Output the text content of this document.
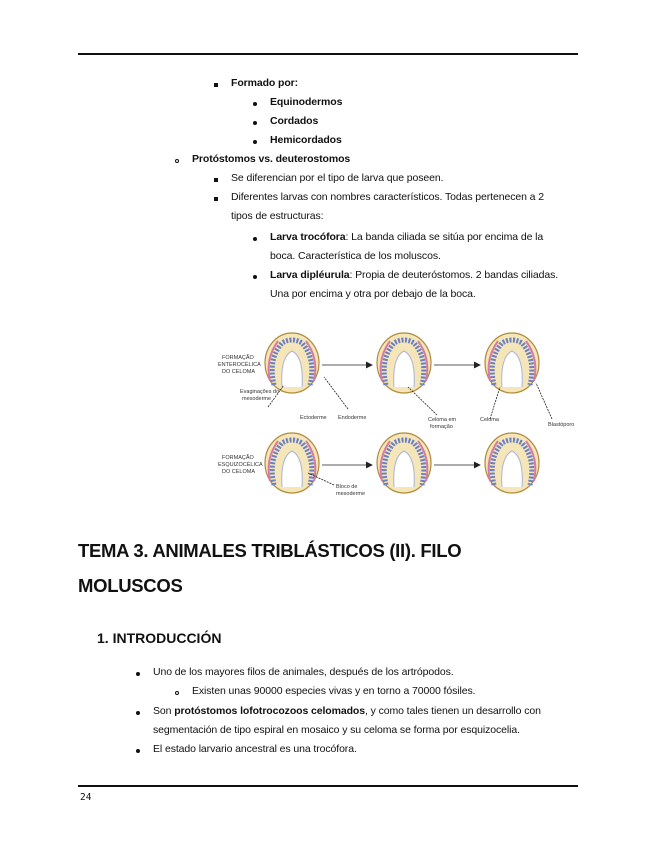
Formado por:
Equinodermos
Cordados
Hemicordados
Protóstomos vs. deuterostomos
Se diferencian por el tipo de larva que poseen.
Diferentes larvas con nombres característicos. Todas pertenecen a 2
tipos de estructuras:
Larva trocófora: La banda ciliada se sitúa por encima de la
boca. Característica de los moluscos.
Larva dipléurula: Propia de deuteróstomos. 2 bandas ciliadas.
Una por encima y otra por debajo de la boca.
FORMAÇÃO
ENTEROCÉLICA
DO CELOMA
Evaginações do
mesoderme
Ectoderme Endoderme	Celoma em
formação
Celoma
Blastóporo
FORMAÇÃO
ESQUIZOCÉLICA
DO CELOMA
Bloco de
mesoderme
TEMA 3. ANIMALES TRIBLÁSTICOS (II). FILO
MOLUSCOS
1. INTRODUCCIÓN
Uno de los mayores filos de animales, después de los artrópodos.
Existen unas 90000 especies vivas y en torno a 70000 fósiles.
Son protóstomos lofotrocozoos celomados, y como tales tienen un desarrollo con
segmentación de tipo espiral en mosaico y su celoma se forma por esquizocelia.
El estado larvario ancestral es una trocófora.
24
